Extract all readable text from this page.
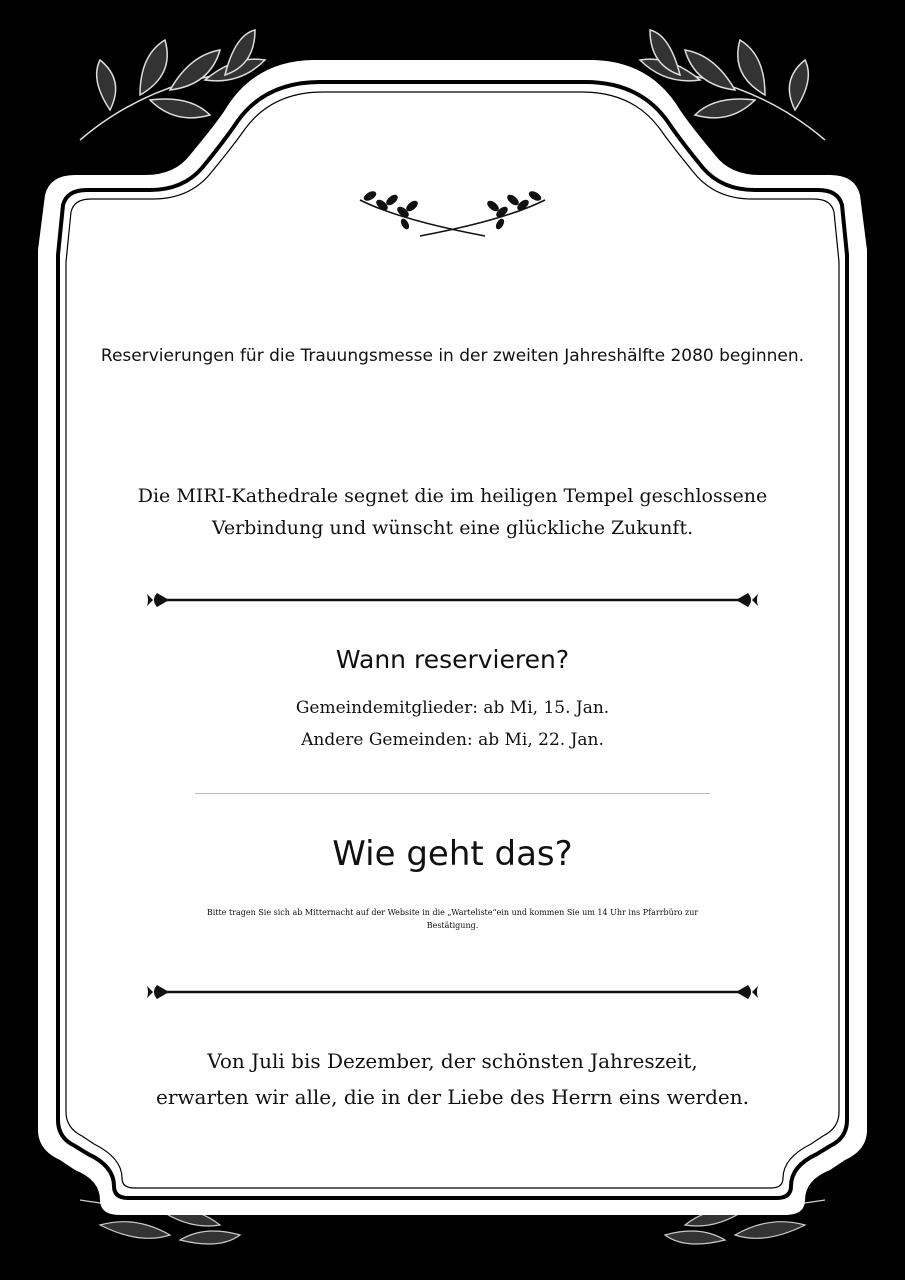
Reservierungen für die Trauungsmesse in der zweiten Jahreshälfte 2080 beginnen.
Die MIRI-Kathedrale segnet die im heiligen Tempel geschlossene Verbindung und wünscht eine glückliche Zukunft.
Wann reservieren?
Gemeindemitglieder: ab Mi, 15. Jan.
Andere Gemeinden: ab Mi, 22. Jan.
Wie geht das?
Bitte tragen Sie sich ab Mitternacht auf der Website in die „Warteliste“ein und kommen Sie um 14 Uhr ins Pfarrbüro zur Bestätigung.
Von Juli bis Dezember, der schönsten Jahreszeit,
erwarten wir alle, die in der Liebe des Herrn eins werden.
